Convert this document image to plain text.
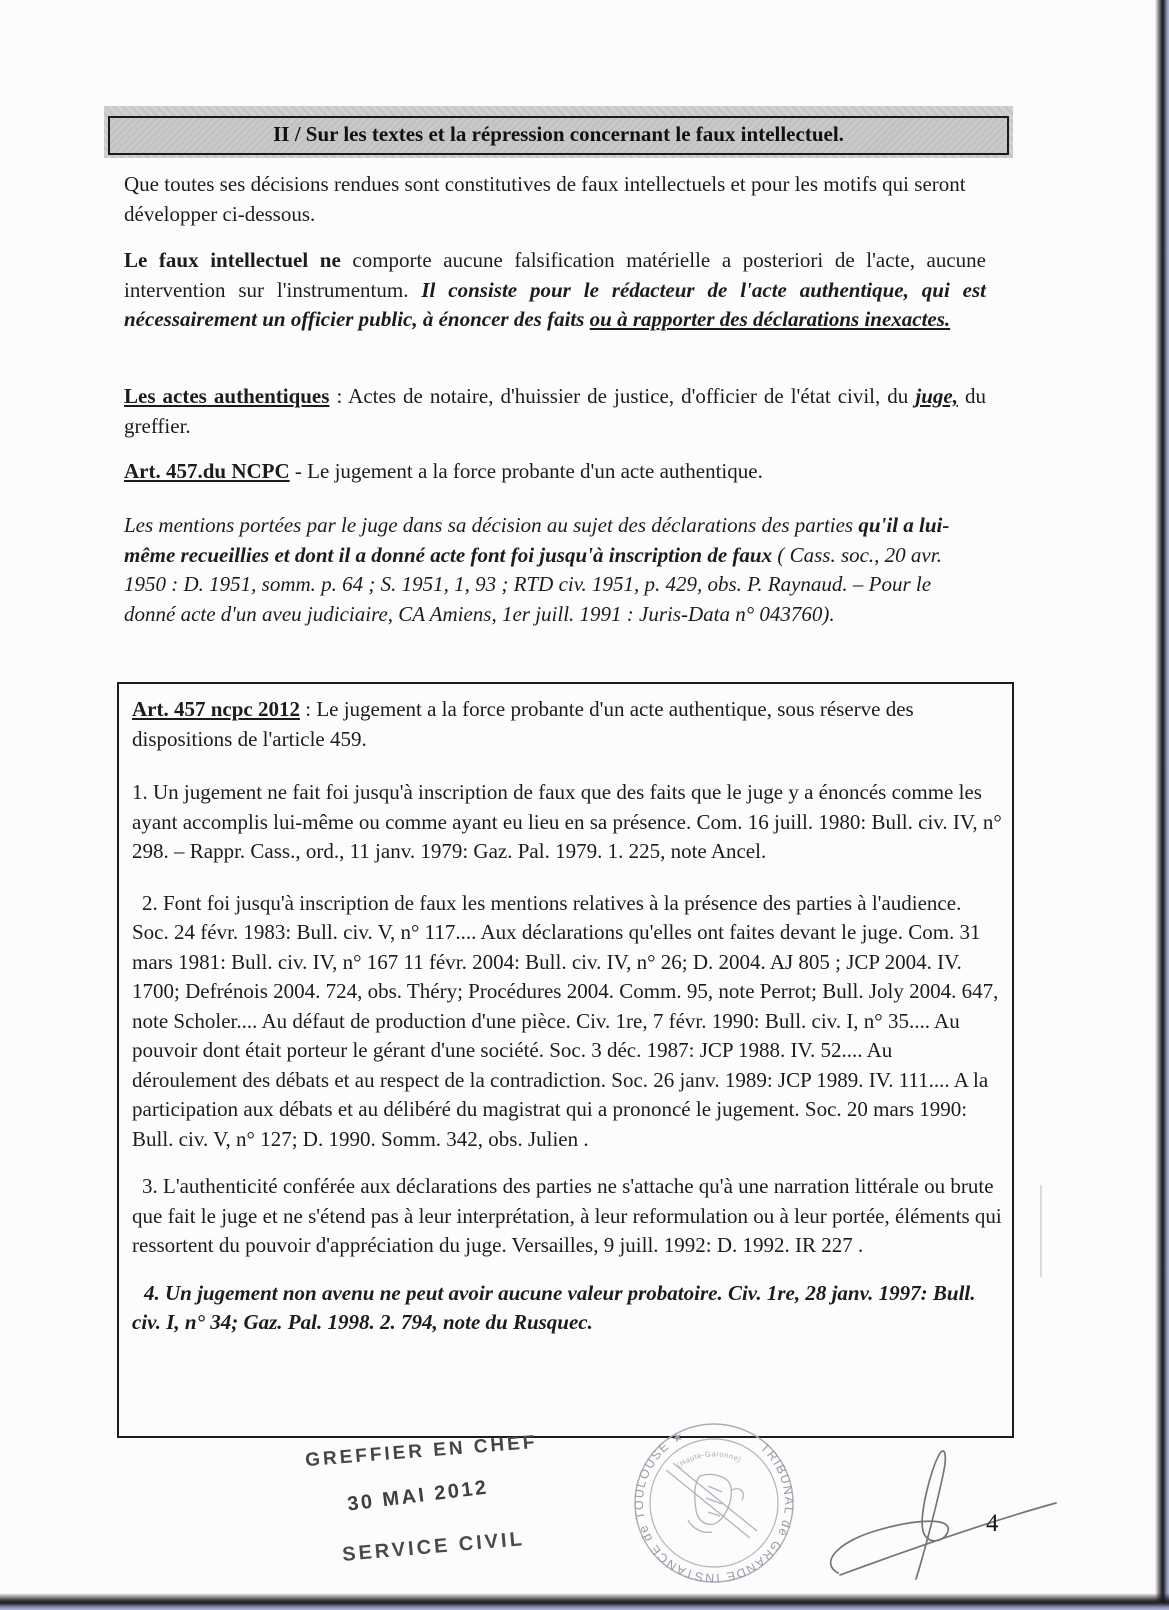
II / Sur les textes et la répression concernant le faux intellectuel.
Que toutes ses décisions rendues sont constitutives de faux intellectuels et pour les motifs qui seront développer ci-dessous.
Le faux intellectuel ne comporte aucune falsification matérielle a posteriori de l'acte, aucune intervention sur l'instrumentum. Il consiste pour le rédacteur de l'acte authentique, qui est nécessairement un officier public, à énoncer des faits ou à rapporter des déclarations inexactes.
Les actes authentiques : Actes de notaire, d'huissier de justice, d'officier de l'état civil, du juge, du greffier.
Art. 457.du NCPC - Le jugement a la force probante d'un acte authentique.
Les mentions portées par le juge dans sa décision au sujet des déclarations des parties qu'il a lui-même recueillies et dont il a donné acte font foi jusqu'à inscription de faux ( Cass. soc., 20 avr. 1950 : D. 1951, somm. p. 64 ; S. 1951, 1, 93 ; RTD civ. 1951, p. 429, obs. P. Raynaud. – Pour le donné acte d'un aveu judiciaire, CA Amiens, 1er juill. 1991 : Juris-Data n° 043760).

Art. 457 ncpc 2012 : Le jugement a la force probante d'un acte authentique, sous réserve des dispositions de l'article 459.

1. Un jugement ne fait foi jusqu'à inscription de faux que des faits que le juge y a énoncés comme les ayant accomplis lui-même ou comme ayant eu lieu en sa présence. Com. 16 juill. 1980: Bull. civ. IV, n° 298. – Rappr. Cass., ord., 11 janv. 1979: Gaz. Pal. 1979. 1. 225, note Ancel.

2. Font foi jusqu'à inscription de faux les mentions relatives à la présence des parties à l'audience. Soc. 24 févr. 1983: Bull. civ. V, n° 117.... Aux déclarations qu'elles ont faites devant le juge. Com. 31 mars 1981: Bull. civ. IV, n° 167 11 févr. 2004: Bull. civ. IV, n° 26; D. 2004. AJ 805 ; JCP 2004. IV. 1700; Defrénois 2004. 724, obs. Théry; Procédures 2004. Comm. 95, note Perrot; Bull. Joly 2004. 647, note Scholer.... Au défaut de production d'une pièce. Civ. 1re, 7 févr. 1990: Bull. civ. I, n° 35.... Au pouvoir dont était porteur le gérant d'une société. Soc. 3 déc. 1987: JCP 1988. IV. 52.... Au déroulement des débats et au respect de la contradiction. Soc. 26 janv. 1989: JCP 1989. IV. 111.... A la participation aux débats et au délibéré du magistrat qui a prononcé le jugement. Soc. 20 mars 1990: Bull. civ. V, n° 127; D. 1990. Somm. 342, obs. Julien .

3. L'authenticité conférée aux déclarations des parties ne s'attache qu'à une narration littérale ou brute que fait le juge et ne s'étend pas à leur interprétation, à leur reformulation ou à leur portée, éléments qui ressortent du pouvoir d'appréciation du juge. Versailles, 9 juill. 1992: D. 1992. IR 227 .

4. Un jugement non avenu ne peut avoir aucune valeur probatoire. Civ. 1re, 28 janv. 1997: Bull. civ. I, n° 34; Gaz. Pal. 1998. 2. 794, note du Rusquec.

GREFFIER EN CHEF
30 MAI 2012
SERVICE CIVIL
TRIBUNAL de GRANDE INSTANCE de TOULOUSE ★
(Haute-Garonne)
4
